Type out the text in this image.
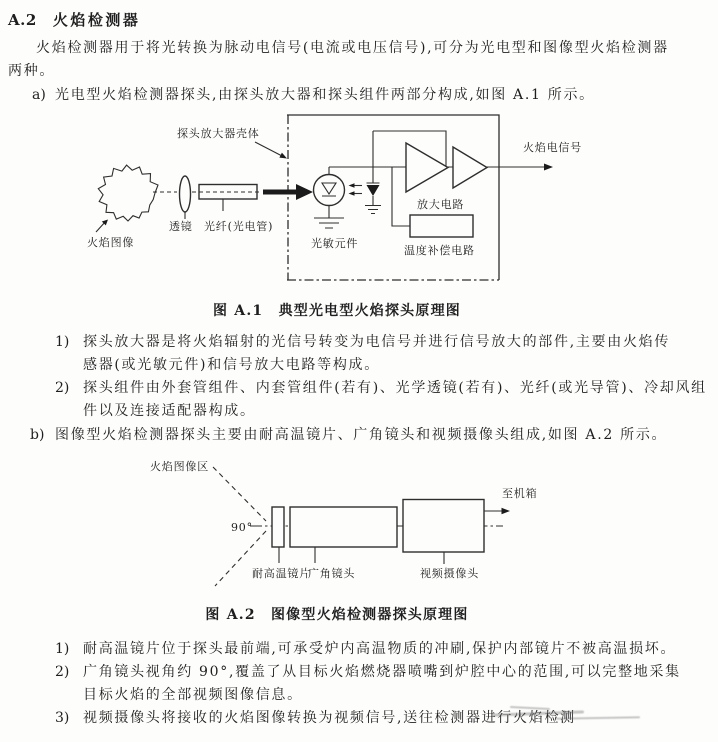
A.2 火焰检测器
火焰检测器用于将光转换为脉动电信号(电流或电压信号),可分为光电型和图像型火焰检测器
两种。
a) 光电型火焰检测器探头,由探头放大器和探头组件两部分构成,如图 A.1 所示。
探头放大器壳体
火焰图像
透镜 光纤(光电管)
火焰电信号
光敏元件
放大电路
温度补偿电路
图 A.1　典型光电型火焰探头原理图
1) 探头放大器是将火焰辐射的光信号转变为电信号并进行信号放大的部件,主要由火焰传
感器(或光敏元件)和信号放大电路等构成。
2) 探头组件由外套管组件、内套管组件(若有)、光学透镜(若有)、光纤(或光导管)、冷却风组
件以及连接适配器构成。
b) 图像型火焰检测器探头主要由耐高温镜片、广角镜头和视频摄像头组成,如图 A.2 所示。
火焰图像区
90°
耐高温镜片
广角镜头	视频摄像头
至机箱
图 A.2　图像型火焰检测器探头原理图
1) 耐高温镜片位于探头最前端,可承受炉内高温物质的冲刷,保护内部镜片不被高温损坏。
2) 广角镜头视角约 90°,覆盖了从目标火焰燃烧器喷嘴到炉腔中心的范围,可以完整地采集
目标火焰的全部视频图像信息。
3) 视频摄像头将接收的火焰图像转换为视频信号,送往检测器进行火焰检测
